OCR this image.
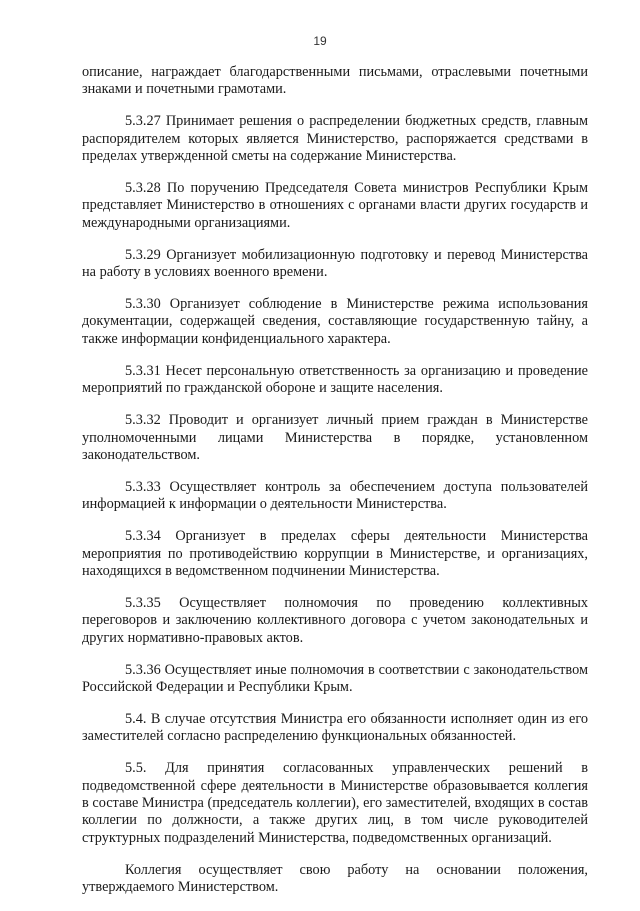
19

описание, награждает благодарственными письмами, отраслевыми почетными знаками и почетными грамотами.

5.3.27 Принимает решения о распределении бюджетных средств, главным распорядителем которых является Министерство, распоряжается средствами в пределах утвержденной сметы на содержание Министерства.

5.3.28 По поручению Председателя Совета министров Республики Крым представляет Министерство в отношениях с органами власти других государств и международными организациями.

5.3.29 Организует мобилизационную подготовку и перевод Министерства на работу в условиях военного времени.

5.3.30 Организует соблюдение в Министерстве режима использования документации, содержащей сведения, составляющие государственную тайну, а также информации конфиденциального характера.

5.3.31 Несет персональную ответственность за организацию и проведение мероприятий по гражданской обороне и защите населения.

5.3.32 Проводит и организует личный прием граждан в Министерстве уполномоченными лицами Министерства в порядке, установленном законодательством.

5.3.33 Осуществляет контроль за обеспечением доступа пользователей информацией к информации о деятельности Министерства.

5.3.34 Организует в пределах сферы деятельности Министерства мероприятия по противодействию коррупции в Министерстве, и организациях, находящихся в ведомственном подчинении Министерства.

5.3.35 Осуществляет полномочия по проведению коллективных переговоров и заключению коллективного договора с учетом законодательных и других нормативно-правовых актов.

5.3.36 Осуществляет иные полномочия в соответствии с законодательством Российской Федерации и Республики Крым.

5.4. В случае отсутствия Министра его обязанности исполняет один из его заместителей согласно распределению функциональных обязанностей.

5.5. Для принятия согласованных управленческих решений в подведомственной сфере деятельности в Министерстве образовывается коллегия в составе Министра (председатель коллегии), его заместителей, входящих в состав коллегии по должности, а также других лиц, в том числе руководителей структурных подразделений Министерства, подведомственных организаций.

Коллегия осуществляет свою работу на основании положения, утверждаемого Министерством.
